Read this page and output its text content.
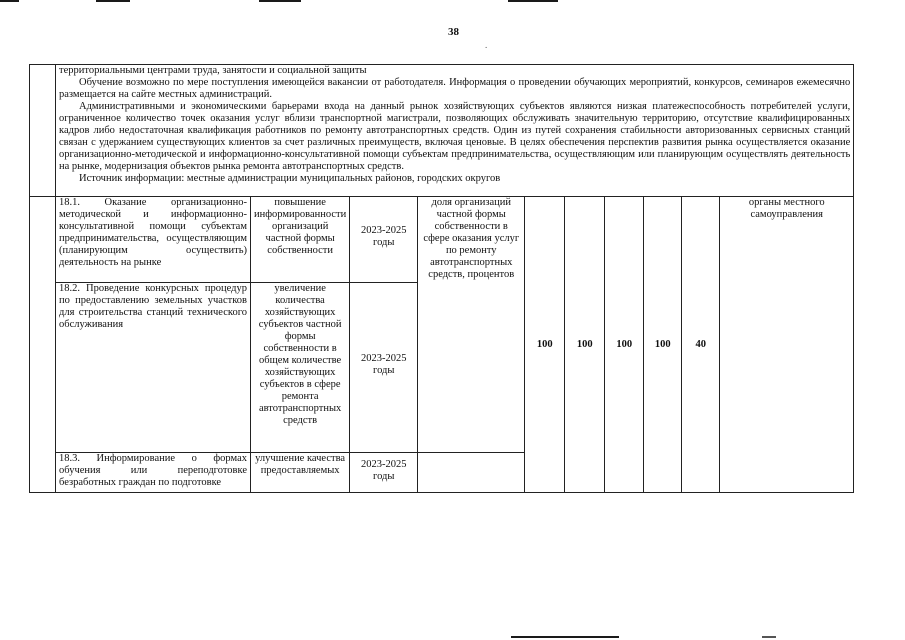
38
.

	территориальными центрами труда, занятости и социальной защиты

Обучение возможно по мере поступления имеющейся вакансии от работодателя. Информация о проведении обучающих мероприятий, конкурсов, семинаров ежемесячно размещается на сайте местных администраций.

Административными и экономическими барьерами входа на данный рынок хозяйствующих субъектов являются низкая платежеспособность потребителей услуги, ограниченное количество точек оказания услуг вблизи транспортной магистрали, позволяющих обслуживать значительную территорию, отсутствие квалифицированных кадров либо недостаточная квалификация работников по ремонту автотранспортных средств. Один из путей сохранения стабильности авторизованных сервисных станций связан с удержанием существующих клиентов за счет различных преимуществ, включая ценовые. В целях обеспечения перспектив развития рынка осуществляется оказание организационно-методической и информационно-консультативной помощи субъектам предпринимательства, осуществляющим или планирующим осуществлять деятельность на рынке, модернизация объектов рынка ремонта автотранспортных средств.

Источник информации: местные администрации муниципальных районов, городских округов									

	18.1. Оказание организационно-методической и информационно-консультативной помощи субъектам предпринимательства, осуществляющим (планирующим осуществить) деятельность на рынке	повышение информированности организаций частной формы собственности	2023-2025 годы	доля организаций частной формы собственности в сфере оказания услуг по ремонту автотранспортных средств, процентов	100	100	100	100	40	органы местного самоуправления
	18.2. Проведение конкурсных процедур по предоставлению земельных участков для строительства станций технического обслуживания	увеличение количества хозяйствующих субъектов частной формы собственности в общем количестве хозяйствующих субъектов в сфере ремонта автотранспортных средств	2023-2025 годы							
	18.3. Информирование о формах обучения или переподготовке безработных граждан по подготовке	улучшение качества предоставляемых	2023-2025 годы							
